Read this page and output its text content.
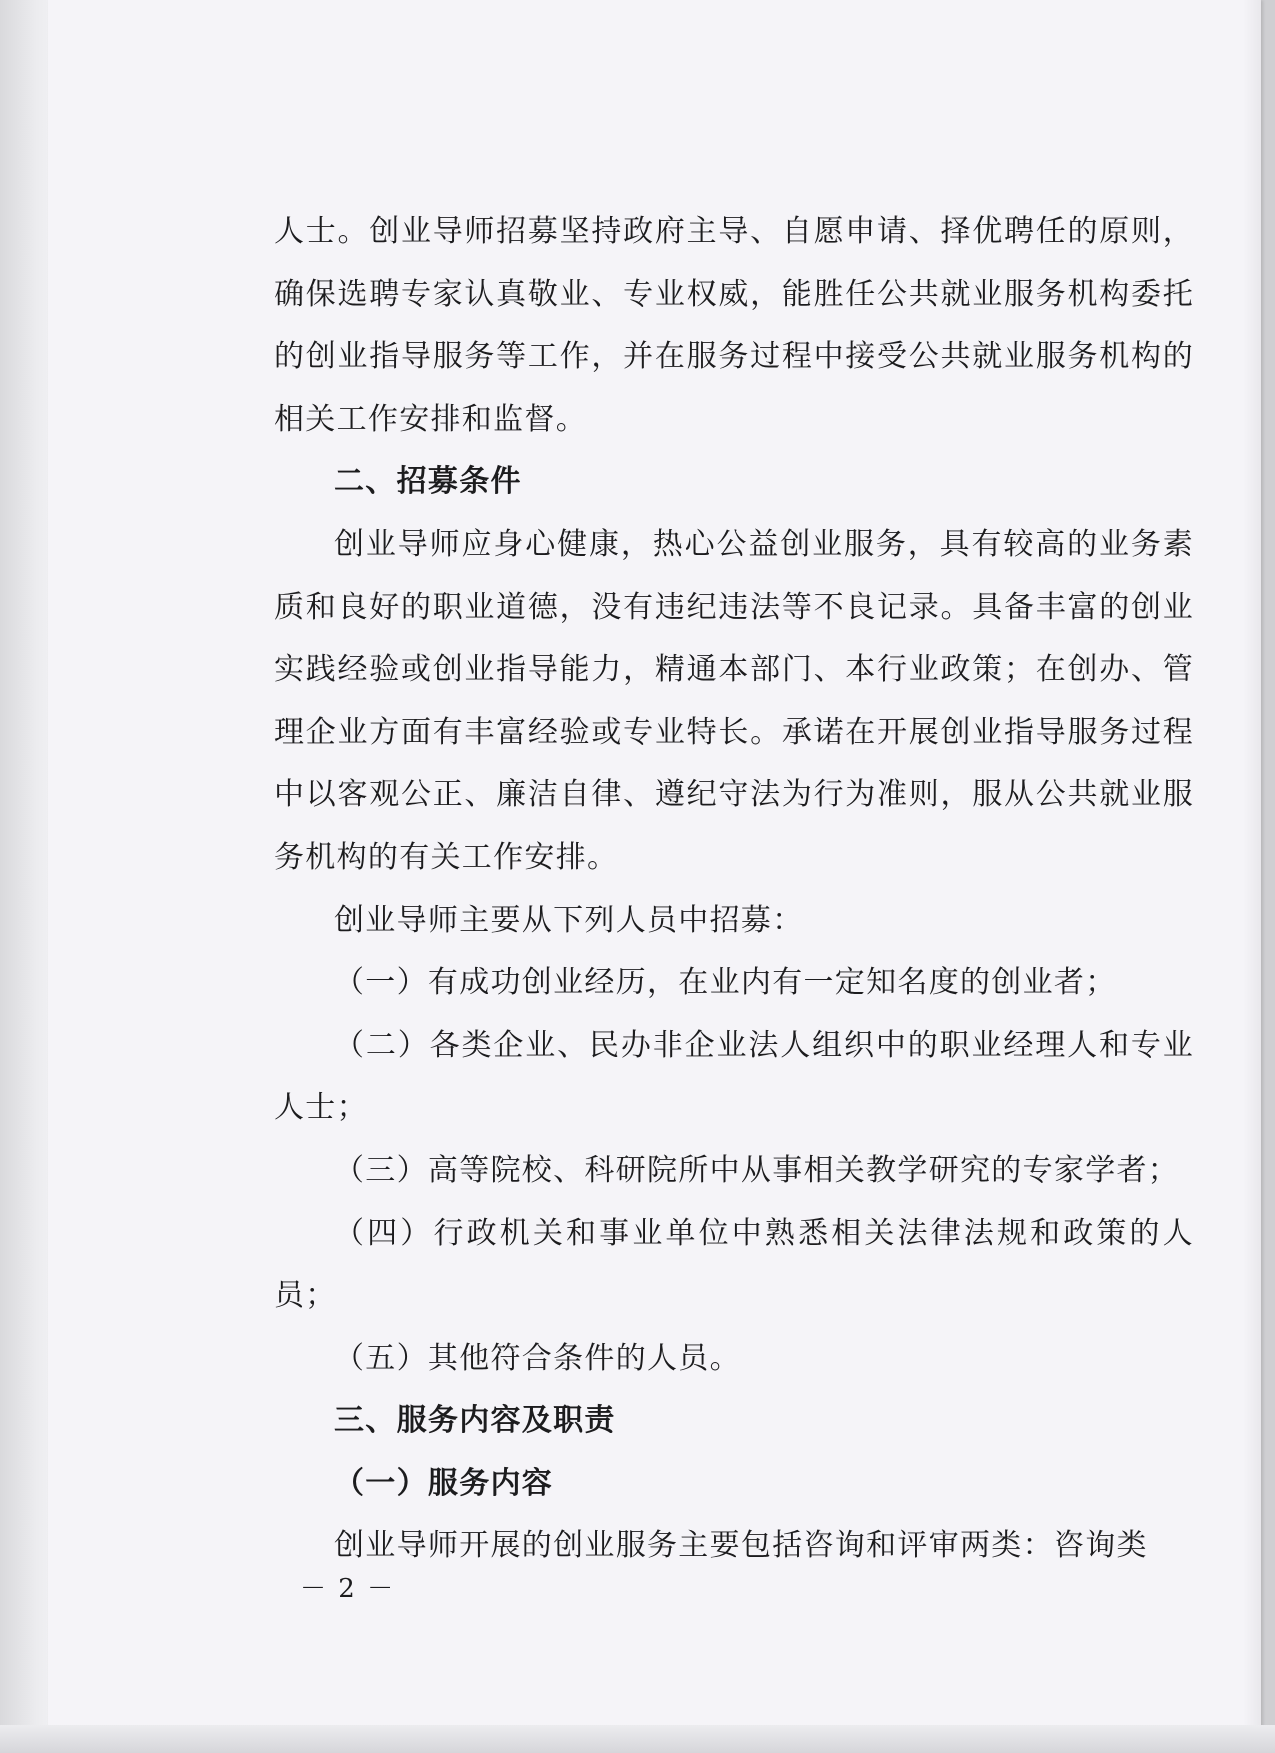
人士。创业导师招募坚持政府主导、自愿申请、择优聘任的原则，确保选聘专家认真敬业、专业权威，能胜任公共就业服务机构委托的创业指导服务等工作，并在服务过程中接受公共就业服务机构的相关工作安排和监督。

二、招募条件

创业导师应身心健康，热心公益创业服务，具有较高的业务素质和良好的职业道德，没有违纪违法等不良记录。具备丰富的创业实践经验或创业指导能力，精通本部门、本行业政策；在创办、管理企业方面有丰富经验或专业特长。承诺在开展创业指导服务过程中以客观公正、廉洁自律、遵纪守法为行为准则，服从公共就业服务机构的有关工作安排。

创业导师主要从下列人员中招募：

（一）有成功创业经历，在业内有一定知名度的创业者；

（二）各类企业、民办非企业法人组织中的职业经理人和专业人士；

（三）高等院校、科研院所中从事相关教学研究的专家学者；

（四）行政机关和事业单位中熟悉相关法律法规和政策的人员；

（五）其他符合条件的人员。

三、服务内容及职责
（一）服务内容

创业导师开展的创业服务主要包括咨询和评审两类：咨询类

－ 2 －
